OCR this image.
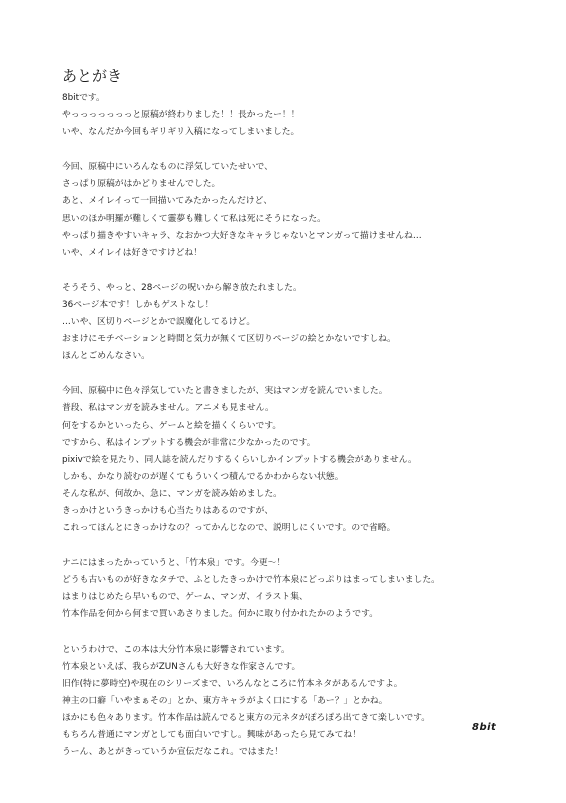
あとがき
8bitです。
やっっっっっっっと原稿が終わりました！！長かったー！！
いや、なんだか今回もギリギリ入稿になってしまいました。
今回、原稿中にいろんなものに浮気していたせいで、
さっぱり原稿がはかどりませんでした。
あと、メイレイって一回描いてみたかったんだけど、
思いのほか明羅が難しくて靈夢も難しくて私は死にそうになった。
やっぱり描きやすいキャラ、なおかつ大好きなキャラじゃないとマンガって描けませんね…
いや、メイレイは好きですけどね！
そうそう、やっと、28ページの呪いから解き放たれました。
36ページ本です！しかもゲストなし！
…いや、区切りページとかで誤魔化してるけど。
おまけにモチベーションと時間と気力が無くて区切りページの絵とかないですしね。
ほんとごめんなさい。
今回、原稿中に色々浮気していたと書きましたが、実はマンガを読んでいました。
普段、私はマンガを読みません。アニメも見ません。
何をするかといったら、ゲームと絵を描くくらいです。
ですから、私はインプットする機会が非常に少なかったのです。
pixivで絵を見たり、同人誌を読んだりするくらいしかインプットする機会がありません。
しかも、かなり読むのが遅くてもういくつ積んでるかわからない状態。
そんな私が、何故か、急に、マンガを読み始めました。
きっかけというきっかけも心当たりはあるのですが、
これってほんとにきっかけなの？ってかんじなので、説明しにくいです。ので省略。
ナニにはまったかっていうと、「竹本泉」です。今更～！
どうも古いものが好きなタチで、ふとしたきっかけで竹本泉にどっぷりはまってしまいました。
はまりはじめたら早いもので、ゲーム、マンガ、イラスト集、
竹本作品を何から何まで買いあさりました。何かに取り付かれたかのようです。
というわけで、この本は大分竹本泉に影響されています。
竹本泉といえば、我らがZUNさんも大好きな作家さんです。
旧作(特に夢時空)や現在のシリーズまで、いろんなところに竹本ネタがあるんですよ。
神主の口癖「いやまぁその」とか、東方キャラがよく口にする「あー？」とかね。
ほかにも色々あります。竹本作品は読んでると東方の元ネタがぽろぽろ出てきて楽しいです。
もちろん普通にマンガとしても面白いですし。興味があったら見てみてね！
うーん、あとがきっていうか宣伝だなこれ。ではまた！
8bit
